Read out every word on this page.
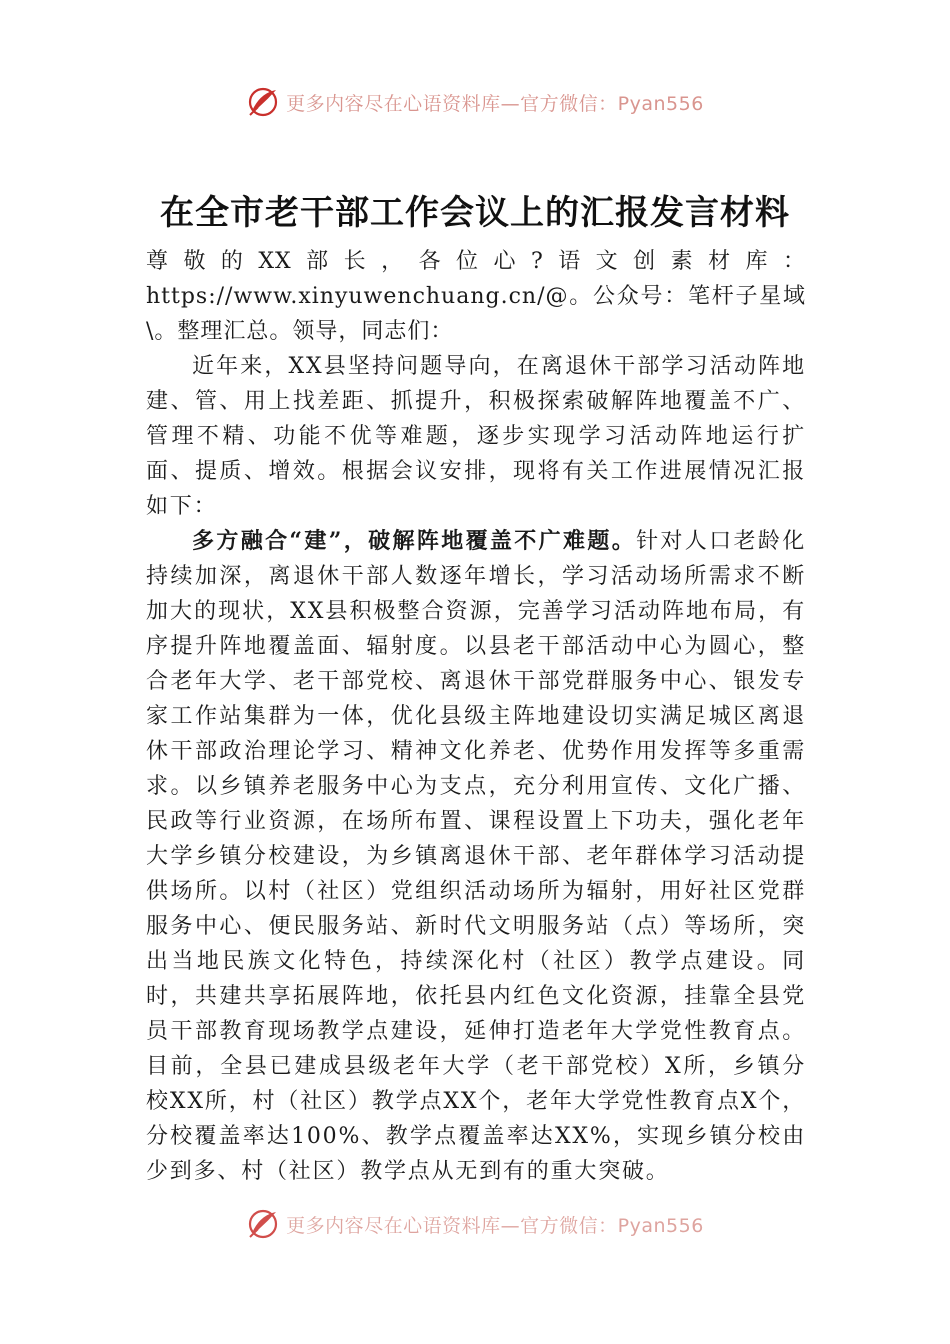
更多内容尽在心语资料库—官方微信：Pyan556
在全市老干部工作会议上的汇报发言材料

尊敬的XX部长，各位心?语文创素材库：https://www.xinyuwenchuang.cn/@。公众号：笔杆子星域\。整理汇总。领导，同志们：

近年来，XX县坚持问题导向，在离退休干部学习活动阵地建、管、用上找差距、抓提升，积极探索破解阵地覆盖不广、管理不精、功能不优等难题，逐步实现学习活动阵地运行扩面、提质、增效。根据会议安排，现将有关工作进展情况汇报如下：

多方融合“建”，破解阵地覆盖不广难题。针对人口老龄化持续加深，离退休干部人数逐年增长，学习活动场所需求不断加大的现状，XX县积极整合资源，完善学习活动阵地布局，有序提升阵地覆盖面、辐射度。以县老干部活动中心为圆心，整合老年大学、老干部党校、离退休干部党群服务中心、银发专家工作站集群为一体，优化县级主阵地建设切实满足城区离退休干部政治理论学习、精神文化养老、优势作用发挥等多重需求。以乡镇养老服务中心为支点，充分利用宣传、文化广播、民政等行业资源，在场所布置、课程设置上下功夫，强化老年大学乡镇分校建设，为乡镇离退休干部、老年群体学习活动提供场所。以村（社区）党组织活动场所为辐射，用好社区党群服务中心、便民服务站、新时代文明服务站（点）等场所，突出当地民族文化特色，持续深化村（社区）教学点建设。同时，共建共享拓展阵地，依托县内红色文化资源，挂靠全县党员干部教育现场教学点建设，延伸打造老年大学党性教育点。目前，全县已建成县级老年大学（老干部党校）X所，乡镇分校XX所，村（社区）教学点XX个，老年大学党性教育点X个，分校覆盖率达100%、教学点覆盖率达XX%，实现乡镇分校由少到多、村（社区）教学点从无到有的重大突破。

更多内容尽在心语资料库—官方微信：Pyan556
